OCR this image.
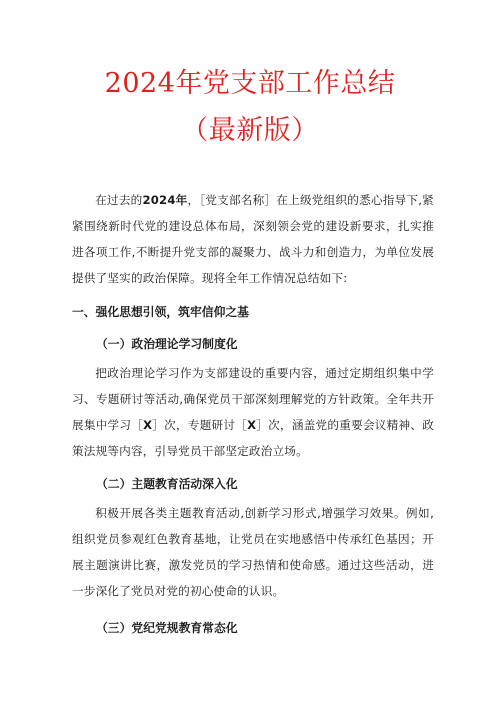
2024年党支部工作总结
（最新版）

在过去的2024年，［党支部名称］在上级党组织的悉心指导下,紧紧围绕新时代党的建设总体布局，深刻领会党的建设新要求，扎实推进各项工作,不断提升党支部的凝聚力、战斗力和创造力，为单位发展提供了坚实的政治保障。现将全年工作情况总结如下:

一、强化思想引领，筑牢信仰之基

（一）政治理论学习制度化

把政治理论学习作为支部建设的重要内容，通过定期组织集中学习、专题研讨等活动,确保党员干部深刻理解党的方针政策。全年共开展集中学习［X］次，专题研讨［X］次，涵盖党的重要会议精神、政策法规等内容，引导党员干部坚定政治立场。

（二）主题教育活动深入化

积极开展各类主题教育活动,创新学习形式,增强学习效果。例如,组织党员参观红色教育基地，让党员在实地感悟中传承红色基因；开展主题演讲比赛，激发党员的学习热情和使命感。通过这些活动，进一步深化了党员对党的初心使命的认识。

（三）党纪党规教育常态化
